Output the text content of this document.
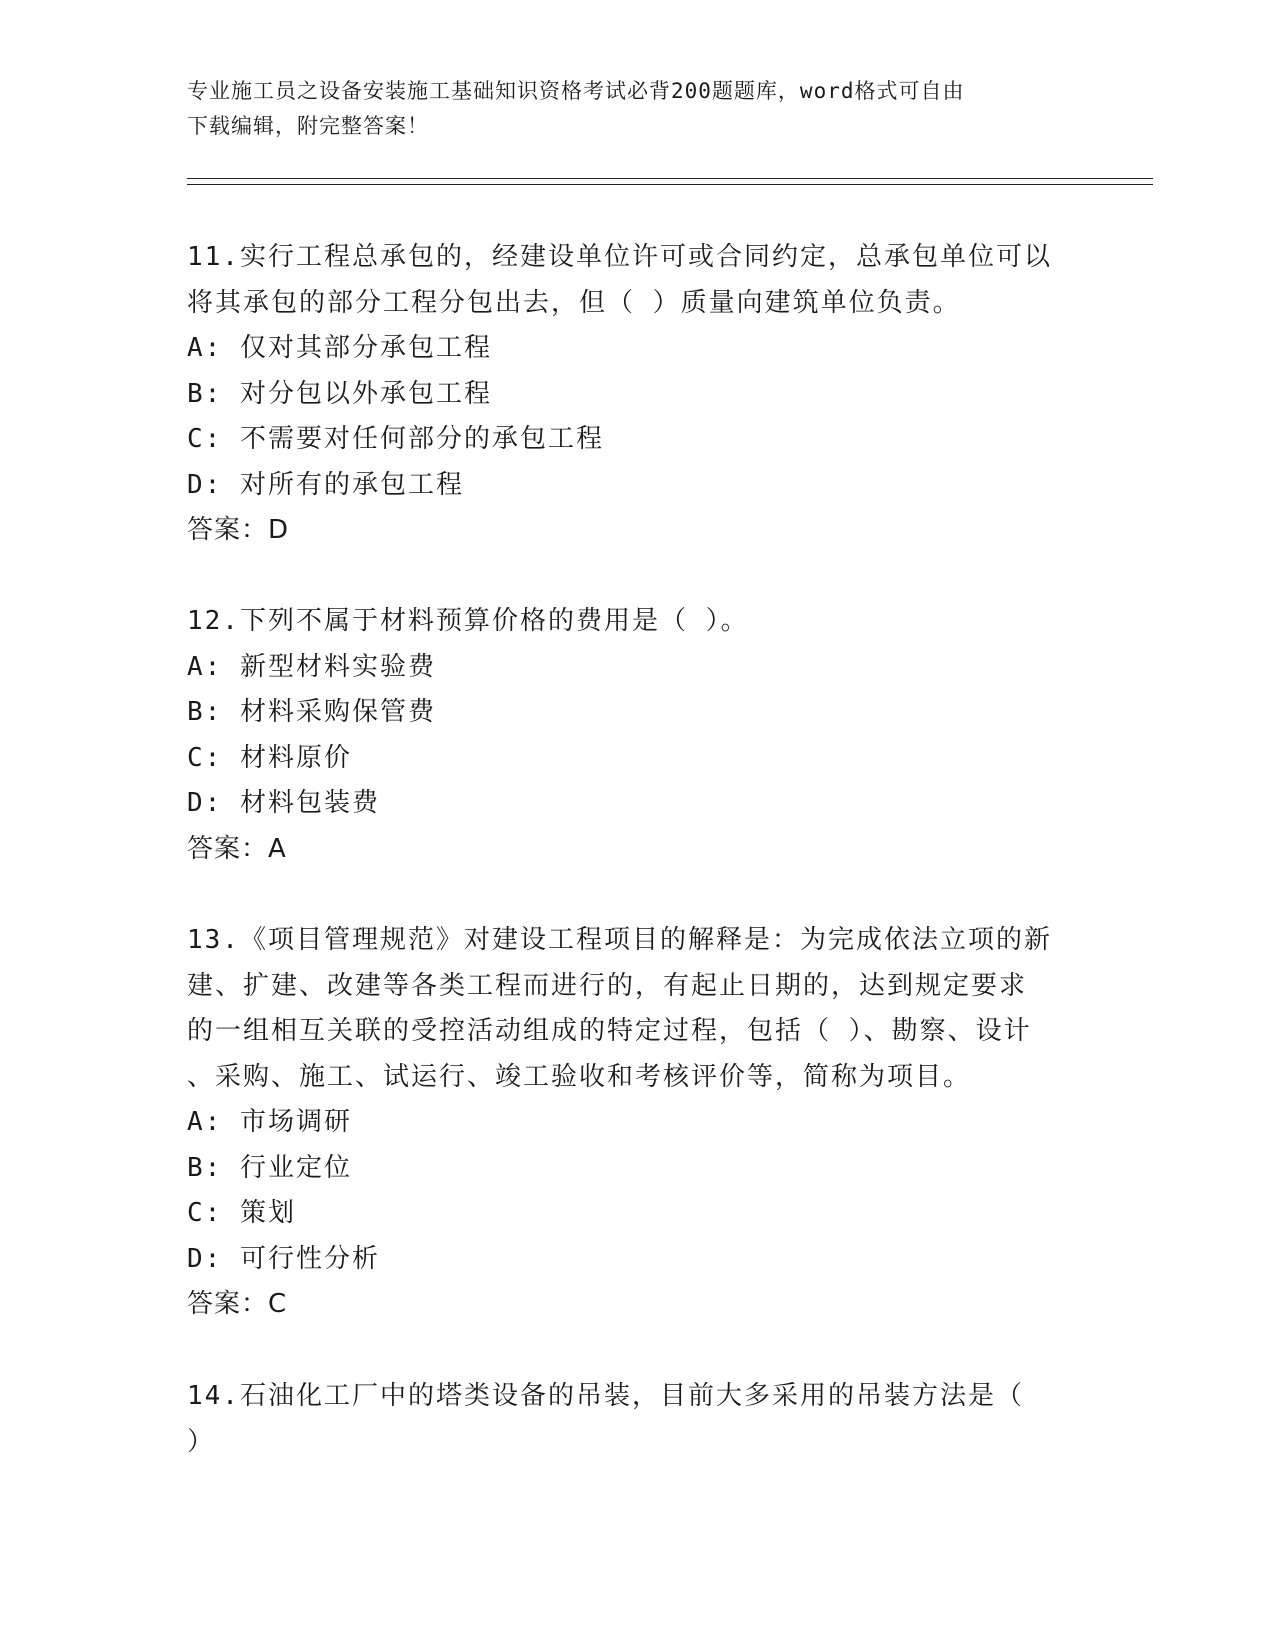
专业施工员之设备安装施工基础知识资格考试必背200题题库，word格式可自由
下载编辑，附完整答案！

11.实行工程总承包的，经建设单位许可或合同约定，总承包单位可以

将其承包的部分工程分包出去，但（ ）质量向建筑单位负责。

A: 仅对其部分承包工程

B: 对分包以外承包工程

C: 不需要对任何部分的承包工程

D: 对所有的承包工程

答案：D

12.下列不属于材料预算价格的费用是（ ）。

A: 新型材料实验费

B: 材料采购保管费

C: 材料原价

D: 材料包装费

答案：A

13.《项目管理规范》对建设工程项目的解释是：为完成依法立项的新

建、扩建、改建等各类工程而进行的，有起止日期的，达到规定要求

的一组相互关联的受控活动组成的特定过程，包括（ ）、勘察、设计

、采购、施工、试运行、竣工验收和考核评价等，简称为项目。

A: 市场调研

B: 行业定位

C: 策划

D: 可行性分析

答案：C

14.石油化工厂中的塔类设备的吊装，目前大多采用的吊装方法是（

）
